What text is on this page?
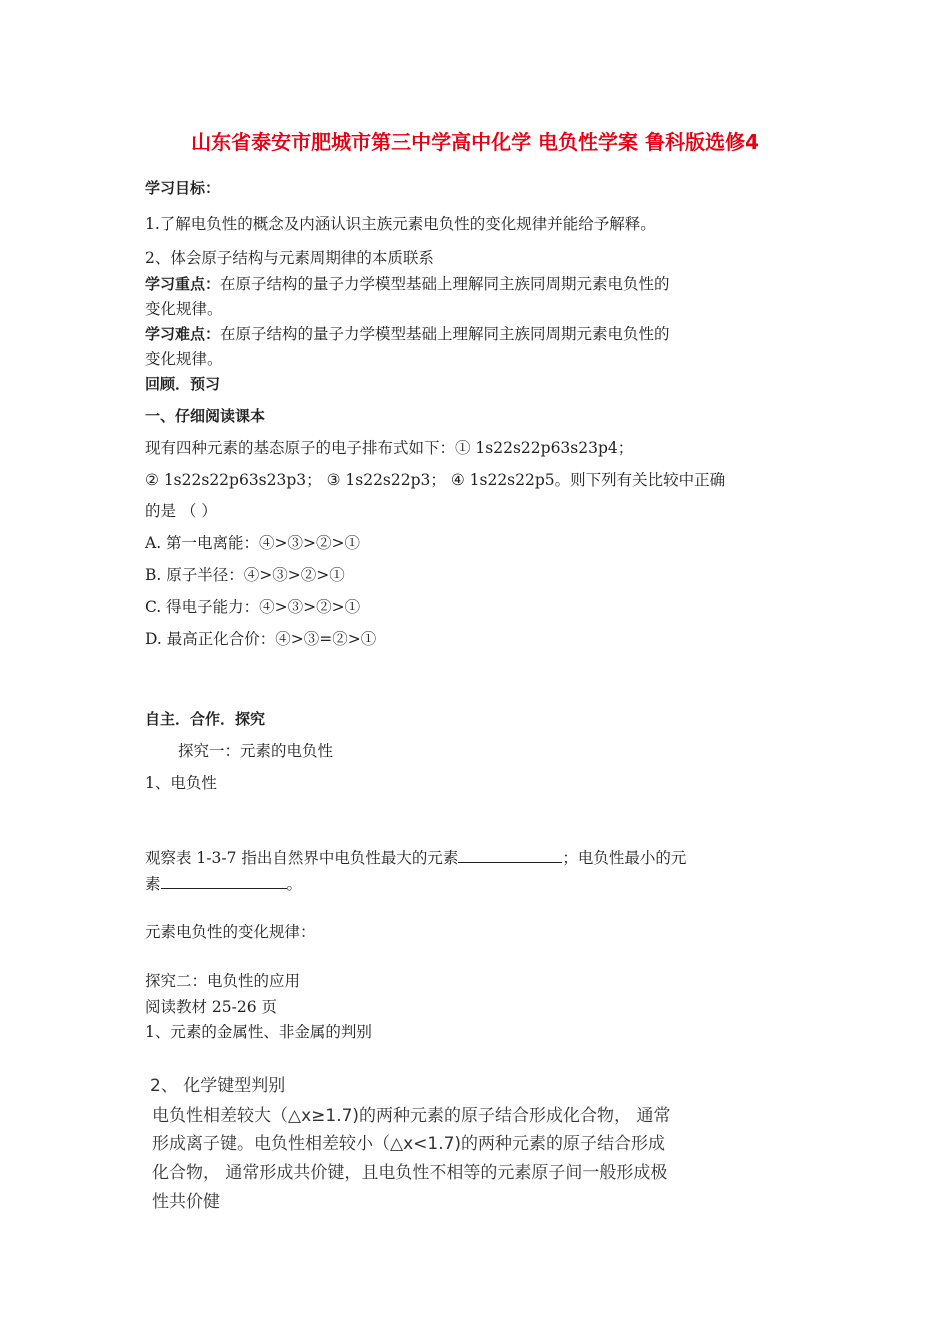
山东省泰安市肥城市第三中学高中化学 电负性学案 鲁科版选修4
学习目标：
1.了解电负性的概念及内涵认识主族元素电负性的变化规律并能给予解释。
2、体会原子结构与元素周期律的本质联系
学习重点：在原子结构的量子力学模型基础上理解同主族同周期元素电负性的
变化规律。
学习难点：在原子结构的量子力学模型基础上理解同主族同周期元素电负性的
变化规律。
回顾．预习
一、仔细阅读课本
现有四种元素的基态原子的电子排布式如下：① 1s22s22p63s23p4；
② 1s22s22p63s23p3； ③ 1s22s22p3； ④ 1s22s22p5。则下列有关比较中正确
的是 （ ）
A. 第一电离能：④>③>②>①
B. 原子半径：④>③>②>①
C. 得电子能力：④>③>②>①
D. 最高正化合价：④>③=②>①
自主．合作．探究
探究一：元素的电负性
1、电负性
观察表 1-3-7 指出自然界中电负性最大的元素	；电负性最小的元
素	。
元素电负性的变化规律：
探究二：电负性的应用
阅读教材 25-26 页
1、元素的金属性、非金属的判别
2、 化学键型判别
电负性相差较大（△x≥1.7)的两种元素的原子结合形成化合物， 通常
形成离子键。电负性相差较小（△x<1.7)的两种元素的原子结合形成
化合物， 通常形成共价键，且电负性不相等的元素原子间一般形成极
性共价健
